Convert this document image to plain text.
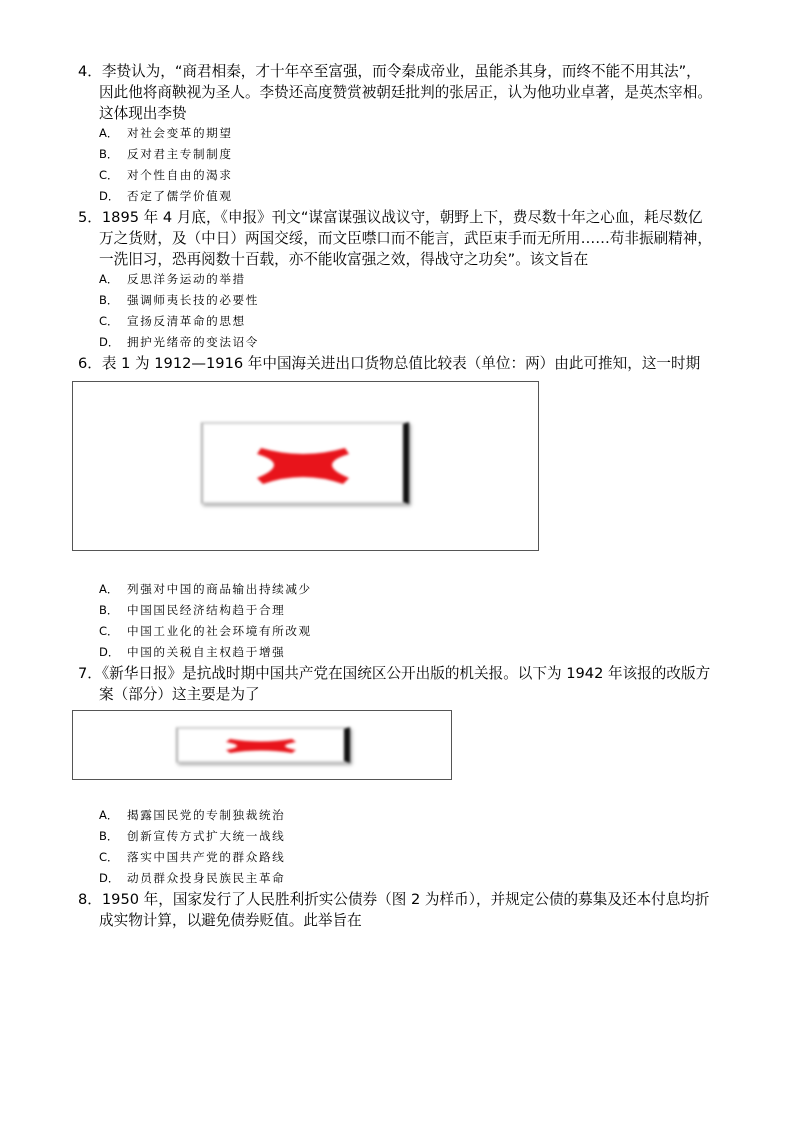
4．李贽认为，“商君相秦，才十年卒至富强，而令秦成帝业，虽能杀其身，而终不能不用其法”，
因此他将商鞅视为圣人。李贽还高度赞赏被朝廷批判的张居正，认为他功业卓著，是英杰宰相。
这体现出李贽
A． 对社会变革的期望
B． 反对君主专制制度
C． 对个性自由的渴求
D． 否定了儒学价值观
5．1895 年 4 月底，《申报》刊文“谋富谋强议战议守，朝野上下，费尽数十年之心血，耗尽数亿
万之货财，及（中日）两国交绥，而文臣噤口而不能言，武臣束手而无所用……苟非振刷精神，
一洗旧习，恐再阅数十百载，亦不能收富强之效，得战守之功矣”。该文旨在
A． 反思洋务运动的举措
B． 强调师夷长技的必要性
C． 宣扬反清革命的思想
D． 拥护光绪帝的变法诏令
6．表 1 为 1912—1916 年中国海关进出口货物总值比较表（单位：两）由此可推知，这一时期
A． 列强对中国的商品输出持续减少
B． 中国国民经济结构趋于合理
C． 中国工业化的社会环境有所改观
D． 中国的关税自主权趋于增强
7．《新华日报》是抗战时期中国共产党在国统区公开出版的机关报。以下为 1942 年该报的改版方
案（部分）这主要是为了
A． 揭露国民党的专制独裁统治
B． 创新宣传方式扩大统一战线
C． 落实中国共产党的群众路线
D． 动员群众投身民族民主革命
8．1950 年，国家发行了人民胜利折实公债券（图 2 为样币），并规定公债的募集及还本付息均折
成实物计算，以避免债券贬值。此举旨在
